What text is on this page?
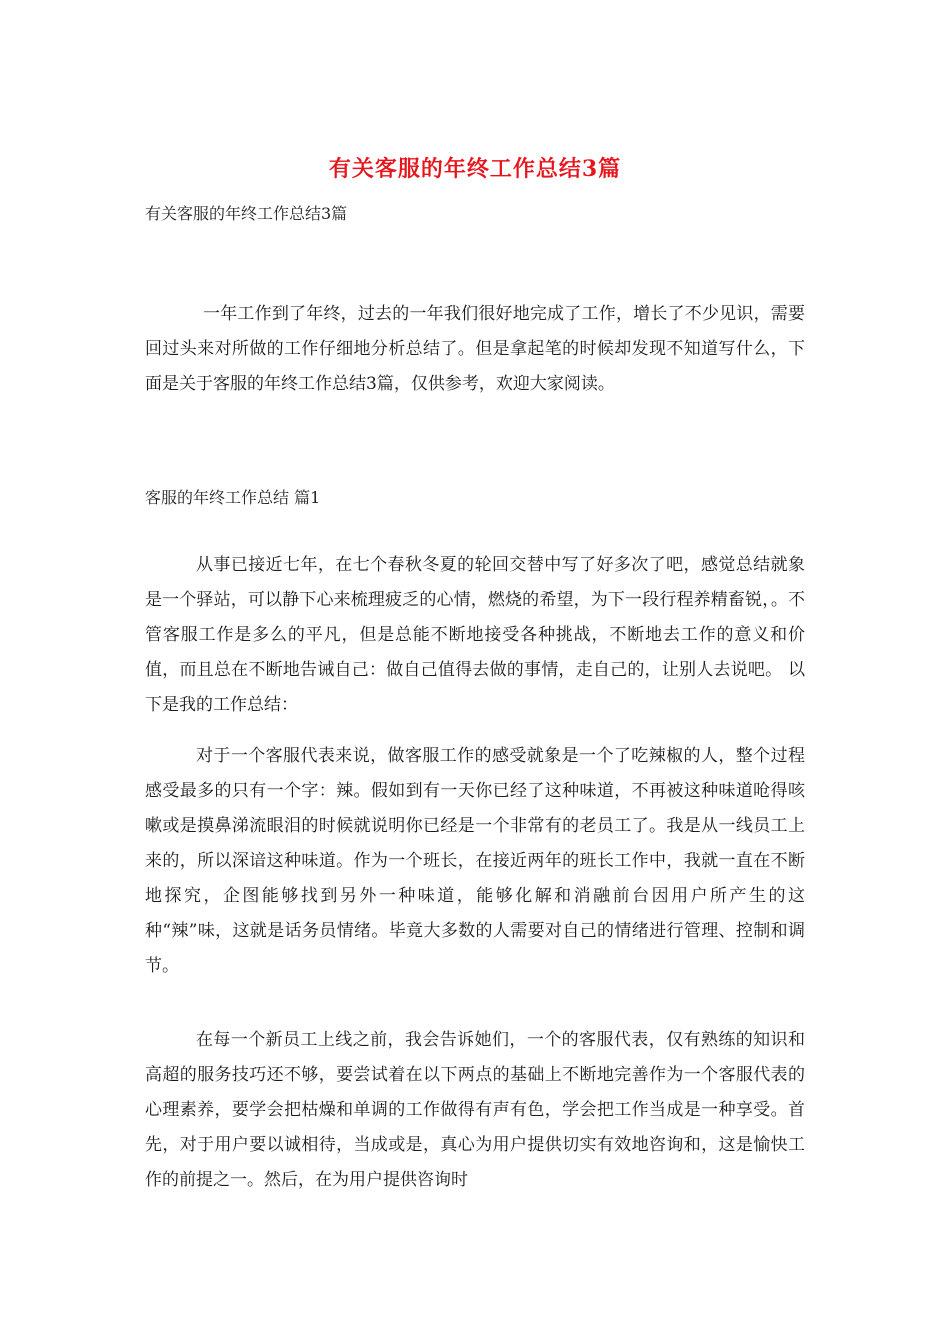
有关客服的年终工作总结3篇
有关客服的年终工作总结3篇

一年工作到了年终，过去的一年我们很好地完成了工作，增长了不少见识，需要回过头来对所做的工作仔细地分析总结了。但是拿起笔的时候却发现不知道写什么，下面是关于客服的年终工作总结3篇，仅供参考，欢迎大家阅读。

客服的年终工作总结 篇1

从事已接近七年，在七个春秋冬夏的轮回交替中写了好多次了吧，感觉总结就象是一个驿站，可以静下心来梳理疲乏的心情，燃烧的希望，为下一段行程养精畜锐，。不管客服工作是多么的平凡，但是总能不断地接受各种挑战，不断地去工作的意义和价值，而且总在不断地告诫自己：做自己值得去做的事情，走自己的，让别人去说吧。 以下是我的工作总结：

对于一个客服代表来说，做客服工作的感受就象是一个了吃辣椒的人，整个过程感受最多的只有一个字：辣。假如到有一天你已经了这种味道，不再被这种味道呛得咳嗽或是摸鼻涕流眼泪的时候就说明你已经是一个非常有的老员工了。我是从一线员工上来的，所以深谙这种味道。作为一个班长，在接近两年的班长工作中，我就一直在不断地探究，企图能够找到另外一种味道，能够化解和消融前台因用户所产生的这种“辣”味，这就是话务员情绪。毕竟大多数的人需要对自己的情绪进行管理、控制和调节。

在每一个新员工上线之前，我会告诉她们，一个的客服代表，仅有熟练的知识和高超的服务技巧还不够，要尝试着在以下两点的基础上不断地完善作为一个客服代表的心理素养，要学会把枯燥和单调的工作做得有声有色，学会把工作当成是一种享受。首先，对于用户要以诚相待，当成或是，真心为用户提供切实有效地咨询和，这是愉快工作的前提之一。然后，在为用户提供咨询时
